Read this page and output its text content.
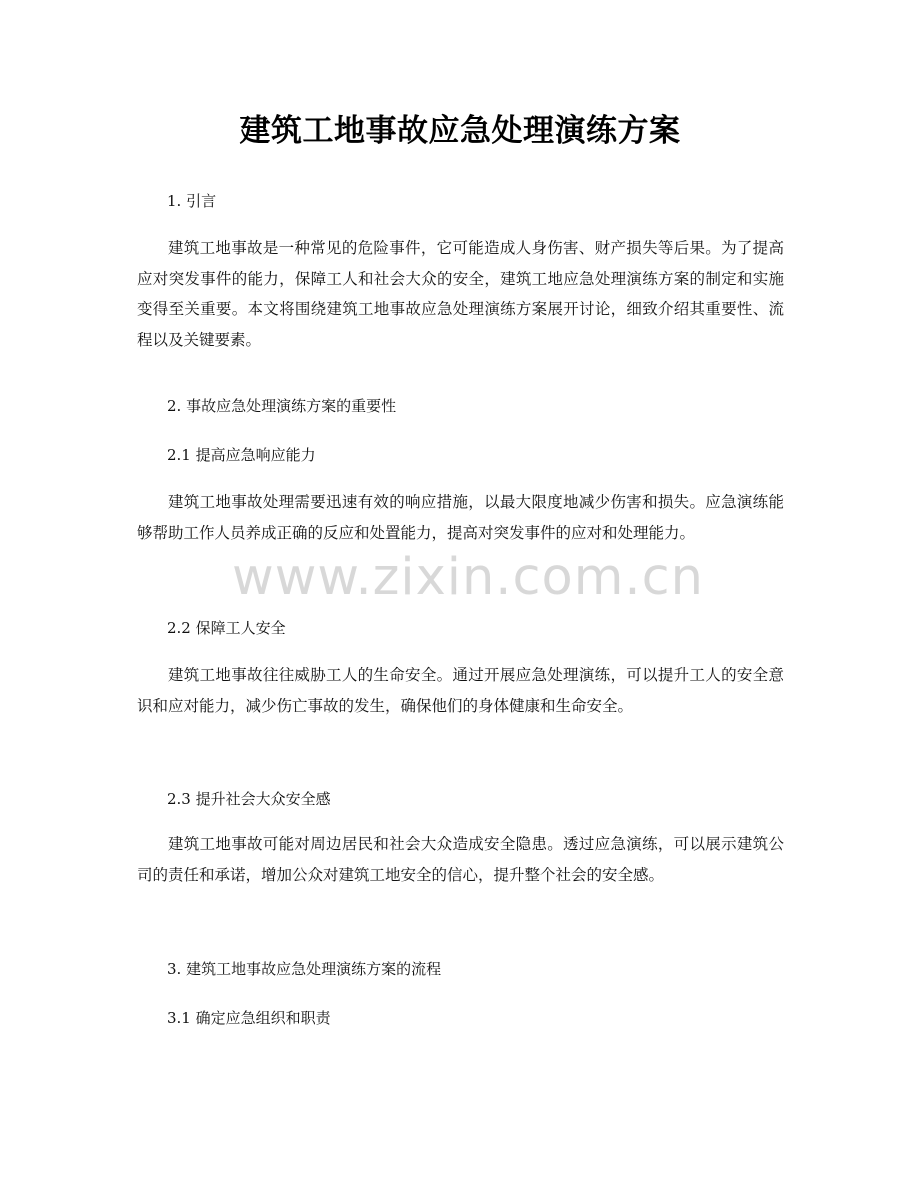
建筑工地事故应急处理演练方案
1. 引言
建筑工地事故是一种常见的危险事件，它可能造成人身伤害、财产损失等后果。为了提高应对突发事件的能力，保障工人和社会大众的安全，建筑工地应急处理演练方案的制定和实施变得至关重要。本文将围绕建筑工地事故应急处理演练方案展开讨论，细致介绍其重要性、流程以及关键要素。
2. 事故应急处理演练方案的重要性
2.1 提高应急响应能力
建筑工地事故处理需要迅速有效的响应措施，以最大限度地减少伤害和损失。应急演练能够帮助工作人员养成正确的反应和处置能力，提高对突发事件的应对和处理能力。
2.2 保障工人安全
建筑工地事故往往威胁工人的生命安全。通过开展应急处理演练，可以提升工人的安全意识和应对能力，减少伤亡事故的发生，确保他们的身体健康和生命安全。
2.3 提升社会大众安全感
建筑工地事故可能对周边居民和社会大众造成安全隐患。透过应急演练，可以展示建筑公司的责任和承诺，增加公众对建筑工地安全的信心，提升整个社会的安全感。
3. 建筑工地事故应急处理演练方案的流程
3.1 确定应急组织和职责
www.zixin.com.cn
